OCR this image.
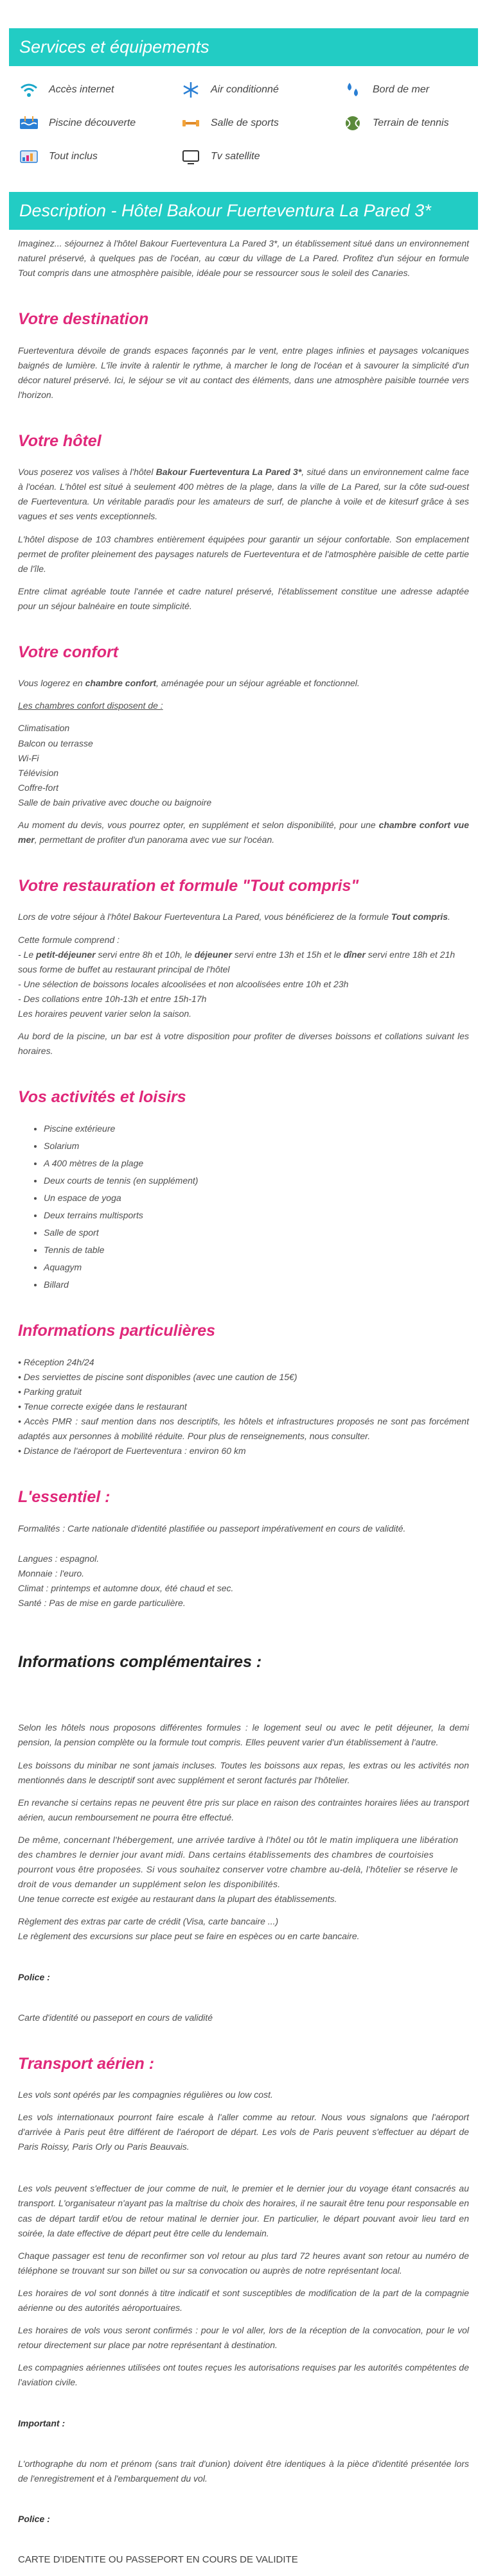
Services et équipements
Accès internet	Air conditionné	Bord de mer
Piscine découverte	Salle de sports	Terrain de tennis
Tout inclus	Tv satellite
Description - Hôtel Bakour Fuerteventura La Pared 3*

Imaginez... séjournez à l'hôtel Bakour Fuerteventura La Pared 3*, un établissement situé dans un environnement naturel préservé, à quelques pas de l'océan, au cœur du village de La Pared. Profitez d'un séjour en formule Tout compris dans une atmosphère paisible, idéale pour se ressourcer sous le soleil des Canaries.

Votre destination

Fuerteventura dévoile de grands espaces façonnés par le vent, entre plages infinies et paysages volcaniques baignés de lumière. L'île invite à ralentir le rythme, à marcher le long de l'océan et à savourer la simplicité d'un décor naturel préservé. Ici, le séjour se vit au contact des éléments, dans une atmosphère paisible tournée vers l'horizon.

Votre hôtel

Vous poserez vos valises à l'hôtel Bakour Fuerteventura La Pared 3*, situé dans un environnement calme face à l'océan. L'hôtel est situé à seulement 400 mètres de la plage, dans la ville de La Pared, sur la côte sud-ouest de Fuerteventura. Un véritable paradis pour les amateurs de surf, de planche à voile et de kitesurf grâce à ses vagues et ses vents exceptionnels.

L'hôtel dispose de 103 chambres entièrement équipées pour garantir un séjour confortable. Son emplacement permet de profiter pleinement des paysages naturels de Fuerteventura et de l'atmosphère paisible de cette partie de l'île.

Entre climat agréable toute l'année et cadre naturel préservé, l'établissement constitue une adresse adaptée pour un séjour balnéaire en toute simplicité.

Votre confort

Vous logerez en chambre confort, aménagée pour un séjour agréable et fonctionnel.

Les chambres confort disposent de :

Climatisation
Balcon ou terrasse
Wi-Fi
Télévision
Coffre-fort
Salle de bain privative avec douche ou baignoire

Au moment du devis, vous pourrez opter, en supplément et selon disponibilité, pour une chambre confort vue mer, permettant de profiter d'un panorama avec vue sur l'océan.

Votre restauration et formule "Tout compris"

Lors de votre séjour à l'hôtel Bakour Fuerteventura La Pared, vous bénéficierez de la formule Tout compris.

Cette formule comprend :
- Le petit-déjeuner servi entre 8h et 10h, le déjeuner servi entre 13h et 15h et le dîner servi entre 18h et 21h sous forme de buffet au restaurant principal de l'hôtel
- Une sélection de boissons locales alcoolisées et non alcoolisées entre 10h et 23h
- Des collations entre 10h-13h et entre 15h-17h
Les horaires peuvent varier selon la saison.

Au bord de la piscine, un bar est à votre disposition pour profiter de diverses boissons et collations suivant les horaires.

Vos activités et loisirs
• Piscine extérieure
• Solarium
• A 400 mètres de la plage
• Deux courts de tennis (en supplément)
• Un espace de yoga
• Deux terrains multisports
• Salle de sport
• Tennis de table
• Aquagym
• Billard
Informations particulières
• Réception 24h/24
• Des serviettes de piscine sont disponibles (avec une caution de 15€)
• Parking gratuit
• Tenue correcte exigée dans le restaurant
• Accès PMR : sauf mention dans nos descriptifs, les hôtels et infrastructures proposés ne sont pas forcément adaptés aux personnes à mobilité réduite. Pour plus de renseignements, nous consulter.
• Distance de l'aéroport de Fuerteventura : environ 60 km
L'essentiel :

Formalités : Carte nationale d'identité plastifiée ou passeport impérativement en cours de validité.

Langues : espagnol.
Monnaie : l'euro.
Climat : printemps et automne doux, été chaud et sec.
Santé : Pas de mise en garde particulière.
Informations complémentaires :

Selon les hôtels nous proposons différentes formules : le logement seul ou avec le petit déjeuner, la demi pension, la pension complète ou la formule tout compris. Elles peuvent varier d'un établissement à l'autre.

Les boissons du minibar ne sont jamais incluses. Toutes les boissons aux repas, les extras ou les activités non mentionnés dans le descriptif sont avec supplément et seront facturés par l'hôtelier.

En revanche si certains repas ne peuvent être pris sur place en raison des contraintes horaires liées au transport aérien, aucun remboursement ne pourra être effectué.

De même, concernant l'hébergement, une arrivée tardive à l'hôtel ou tôt le matin impliquera une libération des chambres le dernier jour avant midi. Dans certains établissements des chambres de courtoisies pourront vous être proposées. Si vous souhaitez conserver votre chambre au-delà, l'hôtelier se réserve le droit de vous demander un supplément selon les disponibilités.
Une tenue correcte est exigée au restaurant dans la plupart des établissements.
Règlement des extras par carte de crédit (Visa, carte bancaire ...)
Le règlement des excursions sur place peut se faire en espèces ou en carte bancaire.
Police :

Carte d'identité ou passeport en cours de validité

Transport aérien :

Les vols sont opérés par les compagnies régulières ou low cost.

Les vols internationaux pourront faire escale à l'aller comme au retour. Nous vous signalons que l'aéroport d'arrivée à Paris peut être différent de l'aéroport de départ. Les vols de Paris peuvent s'effectuer au départ de Paris Roissy, Paris Orly ou Paris Beauvais.

Les vols peuvent s'effectuer de jour comme de nuit, le premier et le dernier jour du voyage étant consacrés au transport. L'organisateur n'ayant pas la maîtrise du choix des horaires, il ne saurait être tenu pour responsable en cas de départ tardif et/ou de retour matinal le dernier jour. En particulier, le départ pouvant avoir lieu tard en soirée, la date effective de départ peut être celle du lendemain.

Chaque passager est tenu de reconfirmer son vol retour au plus tard 72 heures avant son retour au numéro de téléphone se trouvant sur son billet ou sur sa convocation ou auprès de notre représentant local.

Les horaires de vol sont donnés à titre indicatif et sont susceptibles de modification de la part de la compagnie aérienne ou des autorités aéroportuaires.

Les horaires de vols vous seront confirmés : pour le vol aller, lors de la réception de la convocation, pour le vol retour directement sur place par notre représentant à destination.

Les compagnies aériennes utilisées ont toutes reçues les autorisations requises par les autorités compétentes de l'aviation civile.

Important :

L'orthographe du nom et prénom (sans trait d'union) doivent être identiques à la pièce d'identité présentée lors de l'enregistrement et à l'embarquement du vol.

Police :

CARTE D'IDENTITE OU PASSEPORT EN COURS DE VALIDITE
